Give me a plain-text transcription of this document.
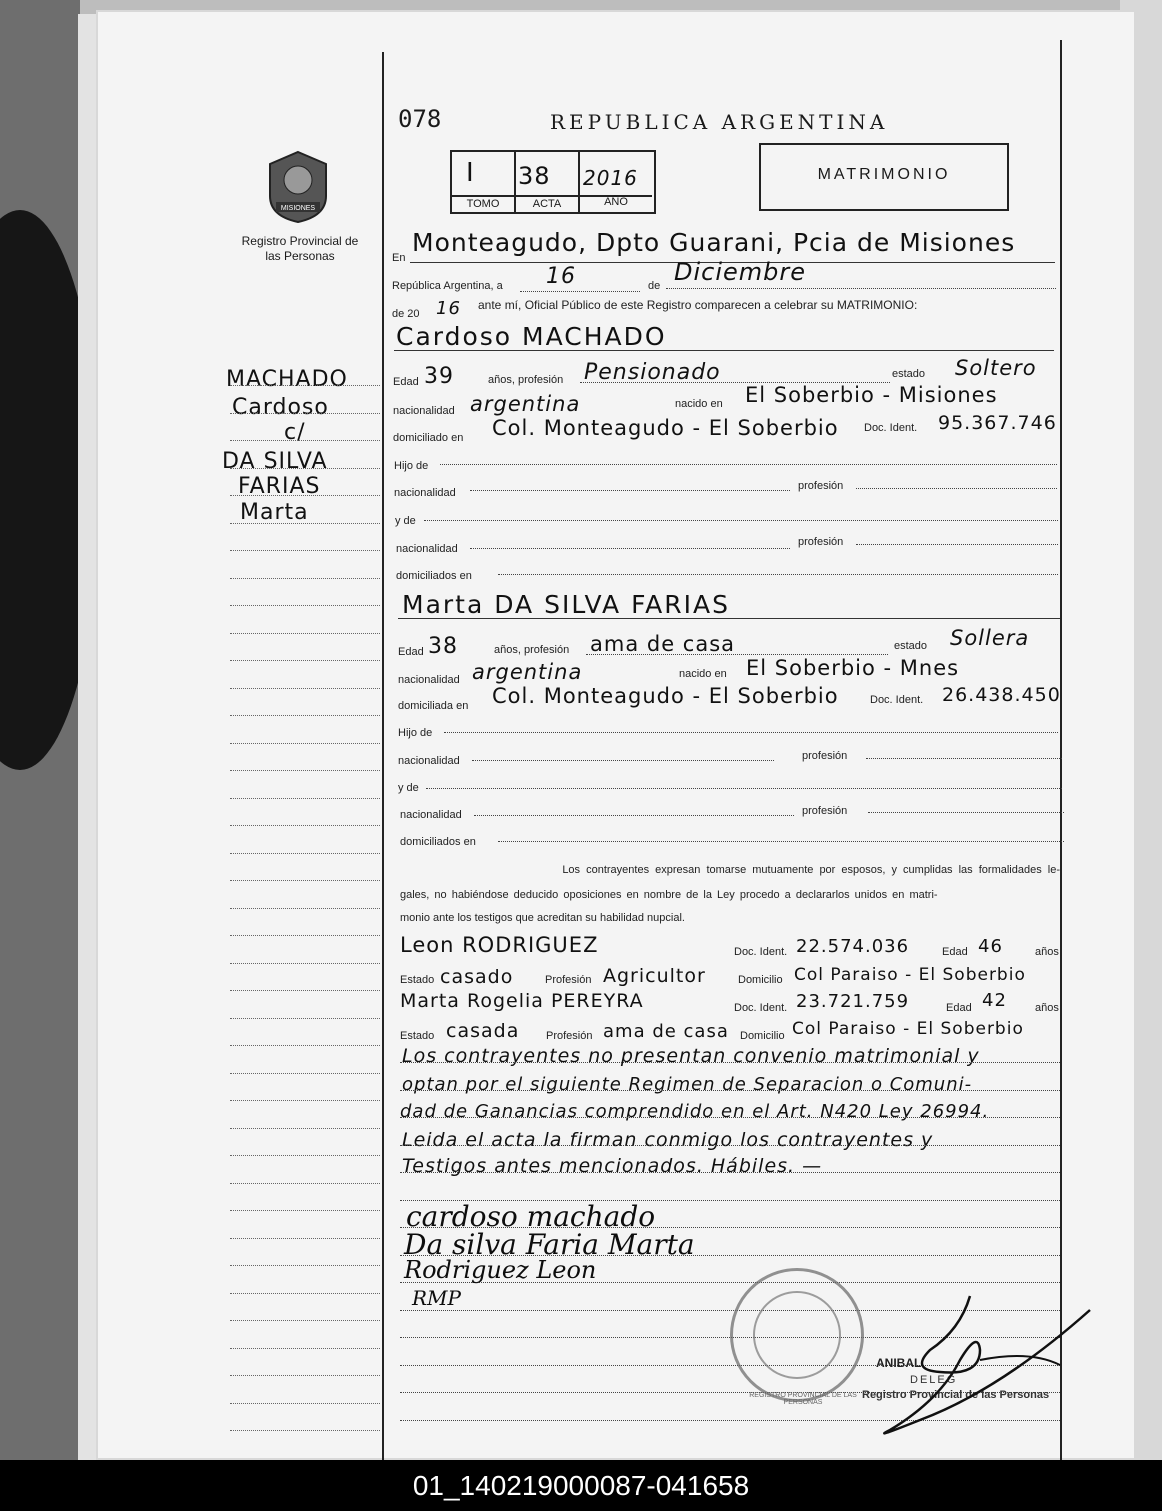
MISIONES
Registro Provincial de las Personas
078	REPUBLICA ARGENTINA
I 38 2016
TOMO	ACTA	AÑO
MATRIMONIO
MACHADO
Cardoso
c/
DA SILVA
FARIAS
Marta
En
Monteagudo, Dpto Guarani, Pcia de Misiones
República Argentina, a 16	de Diciembre
de 20 16 ante mí, Oficial Público de este Registro comparecen a celebrar su MATRIMONIO:
Cardoso MACHADO
Edad 39	años, profesión Pensionado	estado Soltero
nacionalidad argentina	nacido en El Soberbio - Misiones
domiciliado en Col. Monteagudo - El Soberbio Doc. Ident. 95.367.746
Hijo de
nacionalidad
profesión
y de
nacionalidad
profesión
domiciliados en
Marta DA SILVA FARIAS
Edad 38	años, profesión ama de casa	estado Sollera
nacionalidad argentina	nacido en El Soberbio - Mnes
domiciliada en Col. Monteagudo - El Soberbio	Doc. Ident. 26.438.450
Hijo de
nacionalidad	profesión
y de
nacionalidad	profesión
domiciliados en
Los contrayentes expresan tomarse mutuamente por esposos, y cumplidas las formalidades le-
gales, no habiéndose deducido oposiciones en nombre de la Ley procedo a declararlos unidos en matri-
monio ante los testigos que acreditan su habilidad nupcial.
Leon RODRIGUEZ	Doc. Ident. 22.574.036	Edad 46	años
Estado casado	Profesión Agricultor	Domicilio Col Paraiso - El Soberbio
Marta Rogelia PEREYRA	Doc. Ident. 23.721.759	Edad 42	años
Estado casada Profesión ama de casa Domicilio Col Paraiso - El Soberbio
Los contrayentes no presentan convenio matrimonial y
optan por el siguiente Regimen de Separacion o Comuni-
dad de Ganancias comprendido en el Art. N420 Ley 26994.
Leida el acta la firman conmigo los contrayentes y
Testigos antes mencionados. Hábiles. —
cardoso machado
Da silva Faria Marta
Rodriguez Leon
RMP
REGISTRO PROVINCIAL DE LAS PERSONAS
ANIBAL
DELEG
Registro Provincial de las Personas
01_140219000087-041658
